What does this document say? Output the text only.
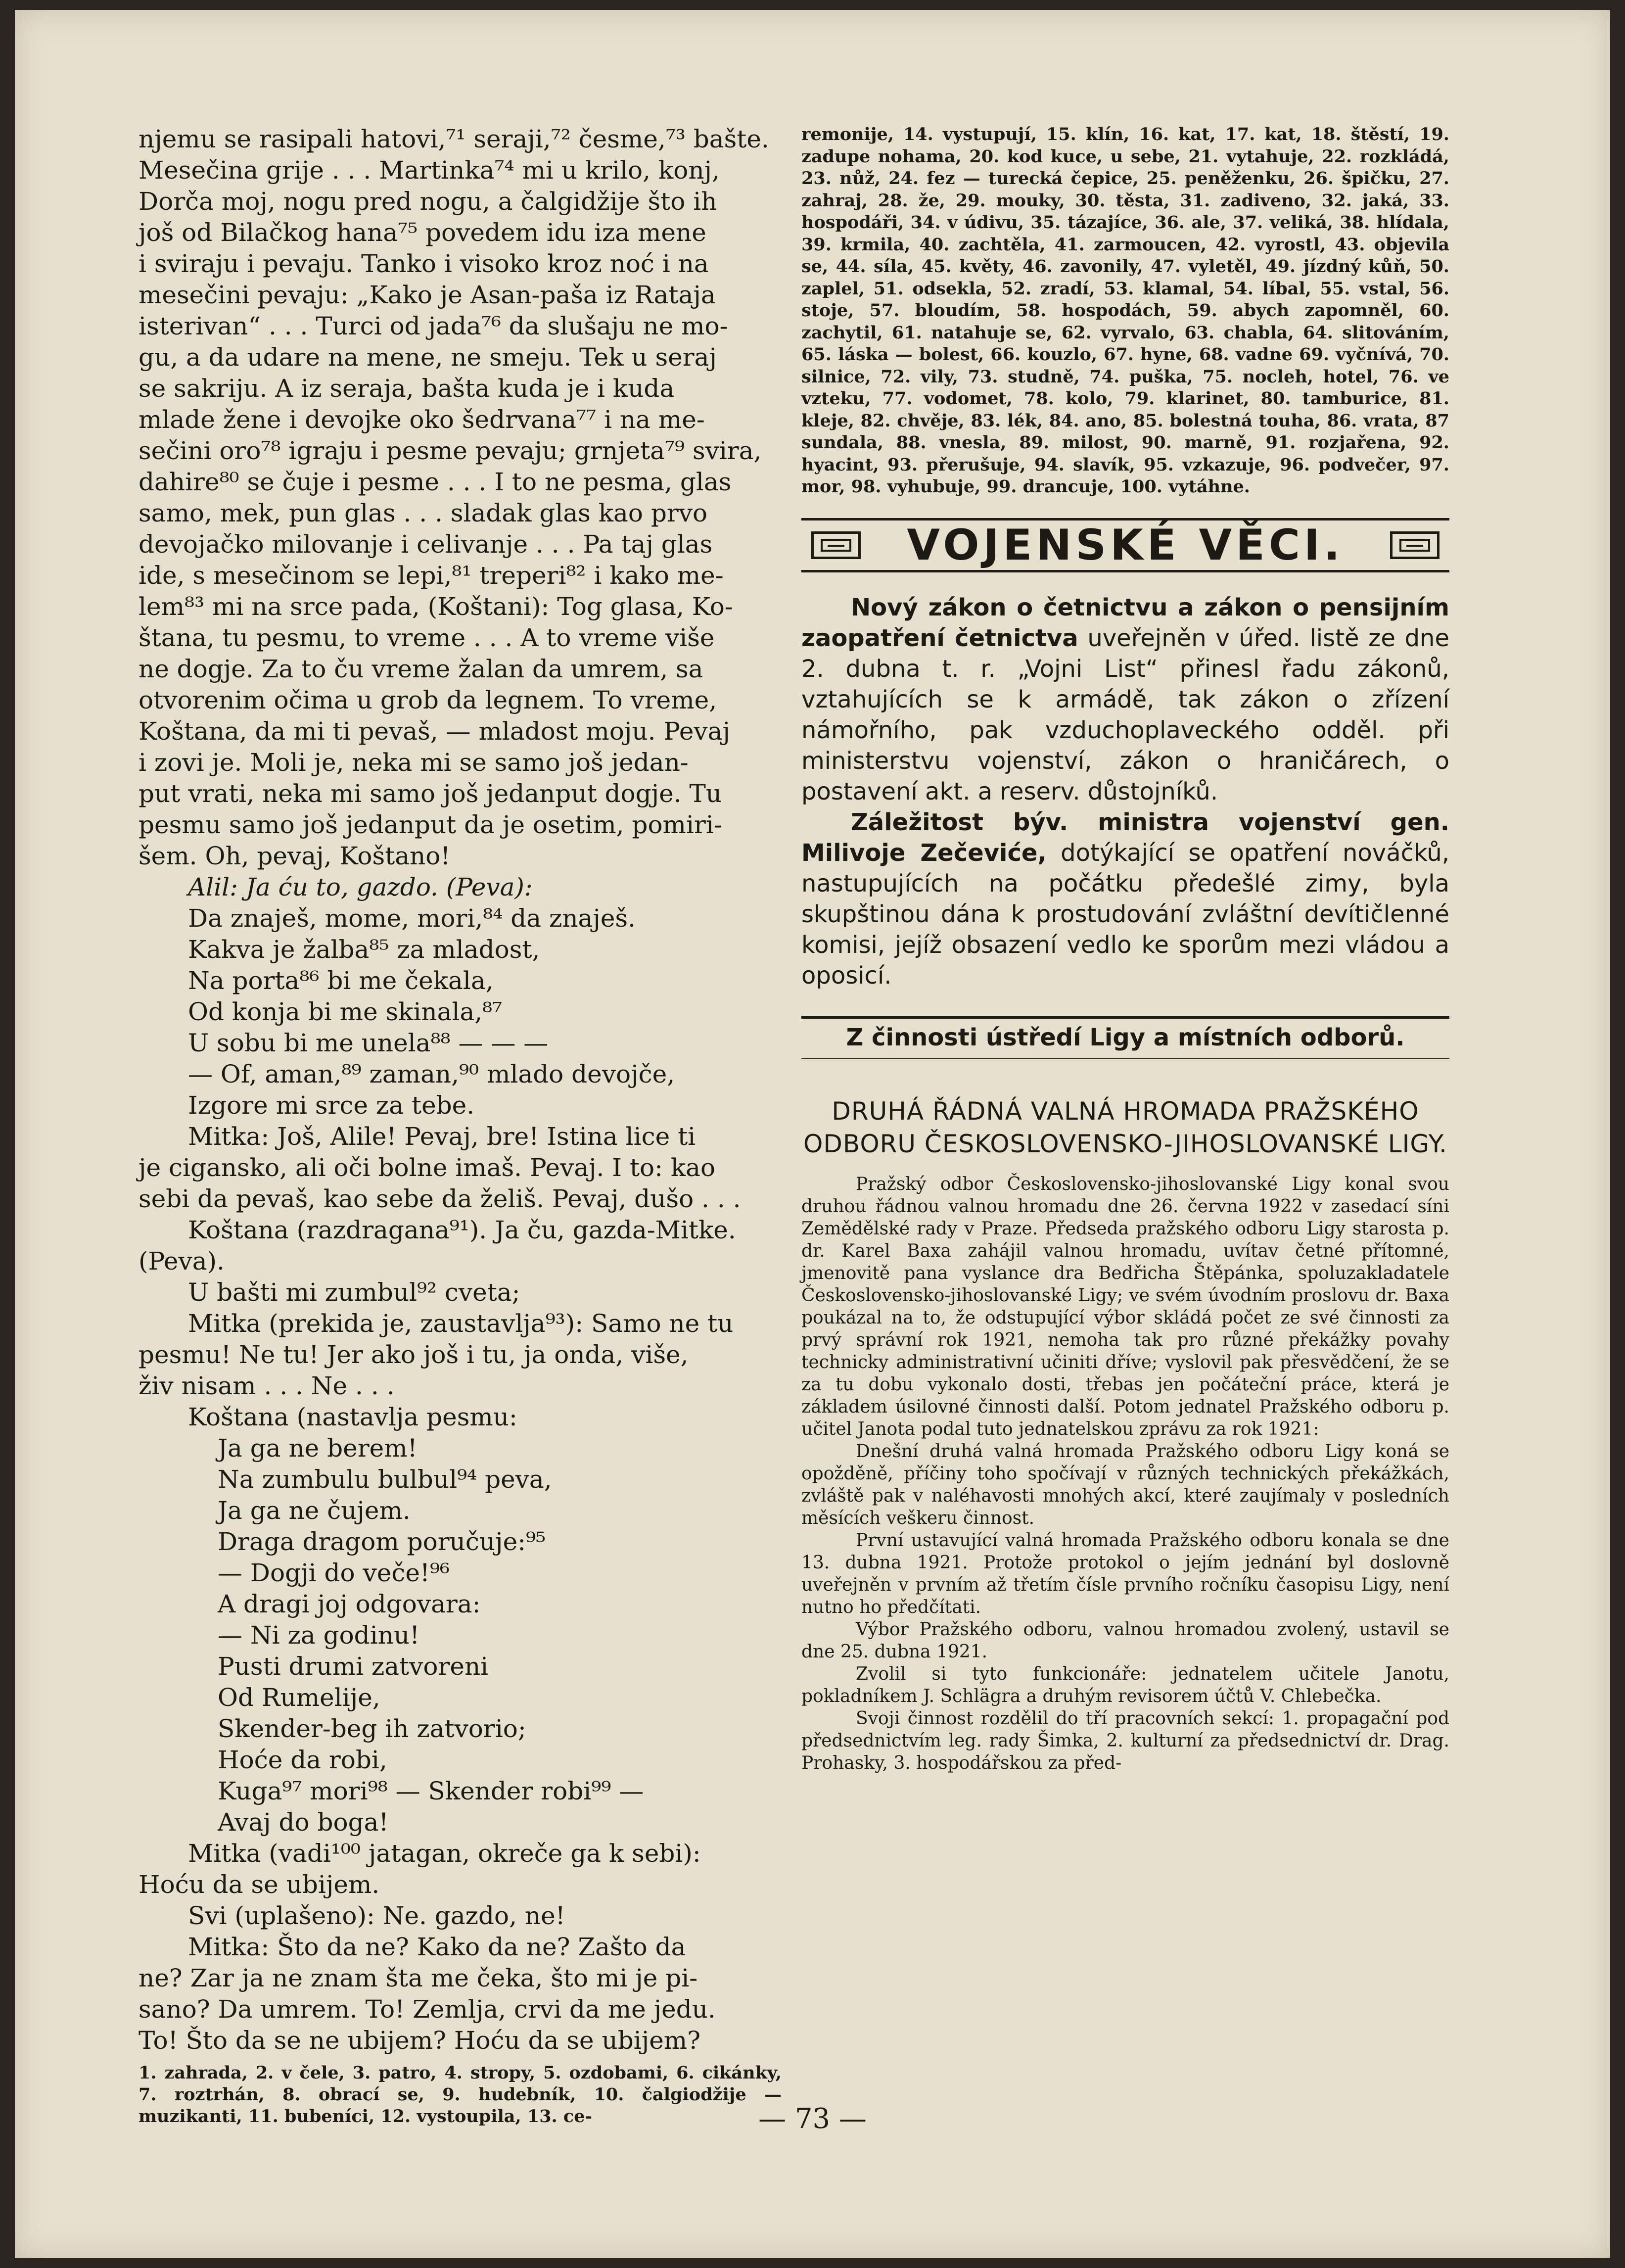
njemu se rasipali hatovi,⁷¹ seraji,⁷² česme,⁷³ bašte.

Mesečina grije . . . Martinka⁷⁴ mi u krilo, konj,

Dorča moj, nogu pred nogu, a čalgidžije što ih

još od Bilačkog hana⁷⁵ povedem idu iza mene

i sviraju i pevaju. Tanko i visoko kroz noć i na

mesečini pevaju: „Kako je Asan-paša iz Rataja

isterivan“ . . . Turci od jada⁷⁶ da slušaju ne mo-

gu, a da udare na mene, ne smeju. Tek u seraj

se sakriju. A iz seraja, bašta kuda je i kuda

mlade žene i devojke oko šedrvana⁷⁷ i na me-

sečini oro⁷⁸ igraju i pesme pevaju; grnjeta⁷⁹ svira,

dahire⁸⁰ se čuje i pesme . . . I to ne pesma, glas

samo, mek, pun glas . . . sladak glas kao prvo

devojačko milovanje i celivanje . . . Pa taj glas

ide, s mesečinom se lepi,⁸¹ treperi⁸² i kako me-

lem⁸³ mi na srce pada, (Koštani): Tog glasa, Ko-

štana, tu pesmu, to vreme . . . A to vreme više

ne dogje. Za to ču vreme žalan da umrem, sa

otvorenim očima u grob da legnem. To vreme,

Koštana, da mi ti pevaš, — mladost moju. Pevaj

i zovi je. Moli je, neka mi se samo još jedan-

put vrati, neka mi samo još jedanput dogje. Tu

pesmu samo još jedanput da je osetim, pomiri-

šem. Oh, pevaj, Koštano!

Alil: Ja ću to, gazdo. (Peva):

Da znaješ, mome, mori,⁸⁴ da znaješ.

Kakva je žalba⁸⁵ za mladost,

Na porta⁸⁶ bi me čekala,

Od konja bi me skinala,⁸⁷

U sobu bi me unela⁸⁸ — — —

— Of, aman,⁸⁹ zaman,⁹⁰ mlado devojče,

Izgore mi srce za tebe.

Mitka: Još, Alile! Pevaj, bre! Istina lice ti

je cigansko, ali oči bolne imaš. Pevaj. I to: kao

sebi da pevaš, kao sebe da želiš. Pevaj, dušo . . .

Koštana (razdragana⁹¹). Ja ču, gazda-Mitke.

(Peva).

U bašti mi zumbul⁹² cveta;

Mitka (prekida je, zaustavlja⁹³): Samo ne tu

pesmu! Ne tu! Jer ako još i tu, ja onda, više,

živ nisam . . . Ne . . .

Koštana (nastavlja pesmu:

Ja ga ne berem!

Na zumbulu bulbul⁹⁴ peva,

Ja ga ne čujem.

Draga dragom poručuje:⁹⁵

— Dogji do veče!⁹⁶

A dragi joj odgovara:

— Ni za godinu!

Pusti drumi zatvoreni

Od Rumelije,

Skender-beg ih zatvorio;

Hoće da robi,

Kuga⁹⁷ mori⁹⁸ — Skender robi⁹⁹ —

Avaj do boga!

Mitka (vadi¹⁰⁰ jatagan, okreče ga k sebi):

Hoću da se ubijem.

Svi (uplašeno): Ne. gazdo, ne!

Mitka: Što da ne? Kako da ne? Zašto da

ne? Zar ja ne znam šta me čeka, što mi je pi-

sano? Da umrem. To! Zemlja, crvi da me jedu.

To! Što da se ne ubijem? Hoću da se ubijem?

1. zahrada, 2. v čele, 3. patro, 4. stropy, 5. ozdobami, 6. cikánky, 7. roztrhán, 8. obrací se, 9. hudebník, 10. čalgiodžije — muzikanti, 11. bubeníci, 12. vystoupila, 13. ce-

remonije, 14. vystupují, 15. klín, 16. kat, 17. kat, 18. štěstí, 19. zadupe nohama, 20. kod kuce, u sebe, 21. vytahuje, 22. rozkládá, 23. nůž, 24. fez — turecká čepice, 25. peněženku, 26. špičku, 27. zahraj, 28. že, 29. mouky, 30. těsta, 31. zadiveno, 32. jaká, 33. hospodáři, 34. v údivu, 35. tázajíce, 36. ale, 37. veliká, 38. hlídala, 39. krmila, 40. zachtěla, 41. zarmoucen, 42. vyrostl, 43. objevila se, 44. síla, 45. květy, 46. zavonily, 47. vyletěl, 49. jízdný kůň, 50. zaplel, 51. odsekla, 52. zradí, 53. klamal, 54. líbal, 55. vstal, 56. stoje, 57. bloudím, 58. hospodách, 59. abych zapomněl, 60. zachytil, 61. natahuje se, 62. vyrvalo, 63. chabla, 64. slitováním, 65. láska — bolest, 66. kouzlo, 67. hyne, 68. vadne 69. vyčnívá, 70. silnice, 72. vily, 73. studně, 74. puška, 75. nocleh, hotel, 76. ve vzteku, 77. vodomet, 78. kolo, 79. klarinet, 80. tamburice, 81. kleje, 82. chvěje, 83. lék, 84. ano, 85. bolestná touha, 86. vrata, 87 sundala, 88. vnesla, 89. milost, 90. marně, 91. rozjařena, 92. hyacint, 93. přerušuje, 94. slavík, 95. vzkazuje, 96. podvečer, 97. mor, 98. vyhubuje, 99. drancuje, 100. vytáhne.

VOJENSKÉ VĚCI.

Nový zákon o četnictvu a zákon o pensijním zaopatření četnictva uveřejněn v úřed. listě ze dne 2. dubna t. r. „Vojni List“ přinesl řadu zákonů, vztahujících se k armádě, tak zákon o zřízení námořního, pak vzduchoplaveckého odděl. při ministerstvu vojenství, zákon o hraničárech, o postavení akt. a reserv. důstojníků.

Záležitost býv. ministra vojenství gen. Milivoje Zečeviće, dotýkající se opatření nováčků, nastupujících na počátku předešlé zimy, byla skupštinou dána k prostudování zvláštní devítičlenné komisi, jejíž obsazení vedlo ke sporům mezi vládou a oposicí.

Z činnosti ústředí Ligy a místních odborů.
DRUHÁ ŘÁDNÁ VALNÁ HROMADA PRAŽSKÉHO ODBORU ČESKOSLOVENSKO-JIHOSLOVANSKÉ LIGY.

Pražský odbor Československo-jihoslovanské Ligy konal svou druhou řádnou valnou hromadu dne 26. června 1922 v zasedací síni Zemědělské rady v Praze. Předseda pražského odboru Ligy starosta p. dr. Karel Baxa zahájil valnou hromadu, uvítav četné přítomné, jmenovitě pana vyslance dra Bedřicha Štěpánka, spoluzakladatele Československo-jihoslovanské Ligy; ve svém úvodním proslovu dr. Baxa poukázal na to, že odstupující výbor skládá počet ze své činnosti za prvý správní rok 1921, nemoha tak pro různé překážky povahy technicky administrativní učiniti dříve; vyslovil pak přesvědčení, že se za tu dobu vykonalo dosti, třebas jen počáteční práce, která je základem úsilovné činnosti další. Potom jednatel Pražského odboru p. učitel Janota podal tuto jednatelskou zprávu za rok 1921:

Dnešní druhá valná hromada Pražského odboru Ligy koná se opožděně, příčiny toho spočívají v různých technických překážkách, zvláště pak v naléhavosti mnohých akcí, které zaujímaly v posledních měsících veškeru činnost.

První ustavující valná hromada Pražského odboru konala se dne 13. dubna 1921. Protože protokol o jejím jednání byl doslovně uveřejněn v prvním až třetím čísle prvního ročníku časopisu Ligy, není nutno ho předčítati.

Výbor Pražského odboru, valnou hromadou zvolený, ustavil se dne 25. dubna 1921.

Zvolil si tyto funkcionáře: jednatelem učitele Janotu, pokladníkem J. Schlägra a druhým revisorem účtů V. Chlebečka.

Svoji činnost rozdělil do tří pracovních sekcí: 1. propagační pod předsednictvím leg. rady Šimka, 2. kulturní za předsednictví dr. Drag. Prohasky, 3. hospodářskou za před-

— 73 —
